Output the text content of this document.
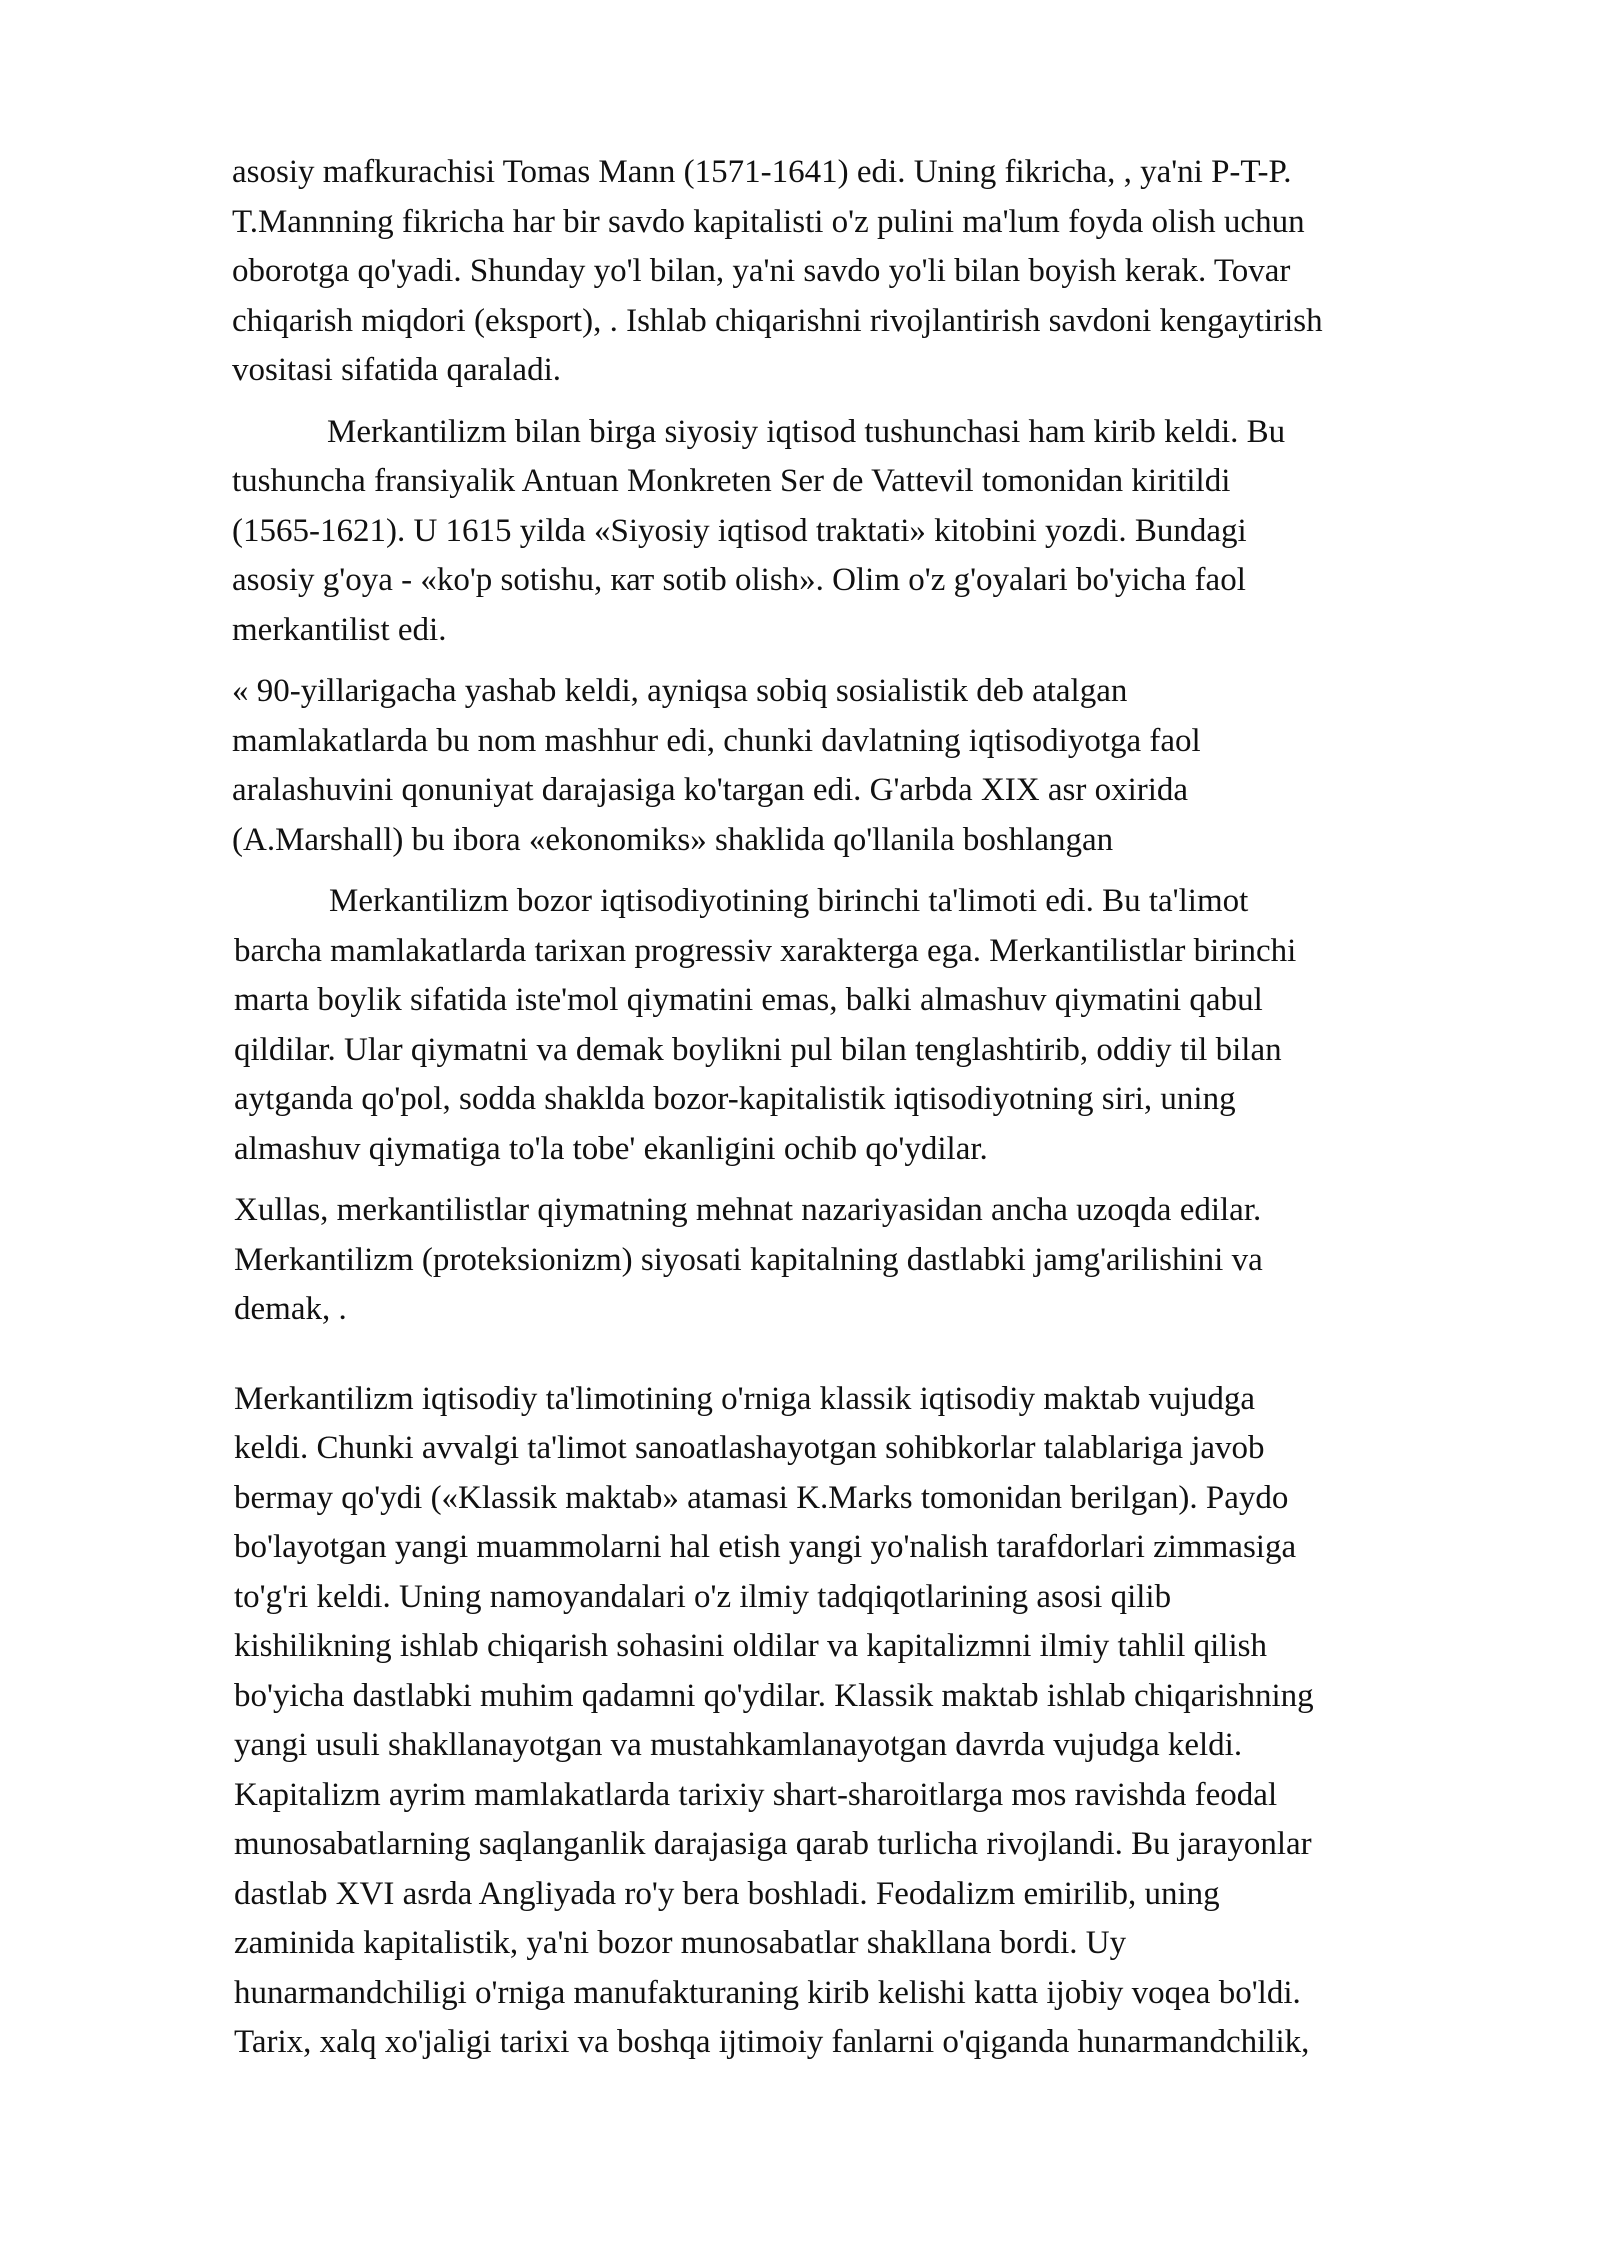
asosiy mafkurachisi Tomas Mann (1571-1641) edi. Uning fikricha, , ya'ni P-T-P.
T.Mannning fikricha har bir savdo kapitalisti o'z pulini ma'lum foyda olish uchun
oborotga qo'yadi. Shunday yo'l bilan, ya'ni savdo yo'li bilan boyish kerak. Tovar
chiqarish miqdori (eksport), . Ishlab chiqarishni rivojlantirish savdoni kengaytirish
vositasi sifatida qaraladi.

Merkantilizm bilan birga siyosiy iqtisod tushunchasi ham kirib keldi. Bu
tushuncha fransiyalik Antuan Monkreten Ser de Vattevil tomonidan kiritildi
(1565-1621). U 1615 yilda «Siyosiy iqtisod traktati» kitobini yozdi. Bundagi
asosiy g'oya - «ko'p sotishu, кат sotib olish». Olim o'z g'oyalari bo'yicha faol
merkantilist edi.

« 90-yillarigacha yashab keldi, ayniqsa sobiq sosialistik deb atalgan
mamlakatlarda bu nom mashhur edi, chunki davlatning iqtisodiyotga faol
aralashuvini qonuniyat darajasiga ko'targan edi. G'arbda XIX asr oxirida
(A.Marshall) bu ibora «ekonomiks» shaklida qo'llanila boshlangan

Merkantilizm bozor iqtisodiyotining birinchi ta'limoti edi. Bu ta'limot
barcha mamlakatlarda tarixan progressiv xarakterga ega. Merkantilistlar birinchi
marta boylik sifatida iste'mol qiymatini emas, balki almashuv qiymatini qabul
qildilar. Ular qiymatni va demak boylikni pul bilan tenglashtirib, oddiy til bilan
aytganda qo'pol, sodda shaklda bozor-kapitalistik iqtisodiyotning siri, uning
almashuv qiymatiga to'la tobe' ekanligini ochib qo'ydilar.

Xullas, merkantilistlar qiymatning mehnat nazariyasidan ancha uzoqda edilar.
Merkantilizm (proteksionizm) siyosati kapitalning dastlabki jamg'arilishini va
demak, .

Merkantilizm iqtisodiy ta'limotining o'rniga klassik iqtisodiy maktab vujudga
keldi. Chunki avvalgi ta'limot sanoatlashayotgan sohibkorlar talablariga javob
bermay qo'ydi («Klassik maktab» atamasi K.Marks tomonidan berilgan). Paydo
bo'layotgan yangi muammolarni hal etish yangi yo'nalish tarafdorlari zimmasiga
to'g'ri keldi. Uning namoyandalari o'z ilmiy tadqiqotlarining asosi qilib
kishilikning ishlab chiqarish sohasini oldilar va kapitalizmni ilmiy tahlil qilish
bo'yicha dastlabki muhim qadamni qo'ydilar. Klassik maktab ishlab chiqarishning
yangi usuli shakllanayotgan va mustahkamlanayotgan davrda vujudga keldi.
Kapitalizm ayrim mamlakatlarda tarixiy shart-sharoitlarga mos ravishda feodal
munosabatlarning saqlanganlik darajasiga qarab turlicha rivojlandi. Bu jarayonlar
dastlab XVI asrda Angliyada ro'y bera boshladi. Feodalizm emirilib, uning
zaminida kapitalistik, ya'ni bozor munosabatlar shakllana bordi. Uy
hunarmandchiligi o'rniga manufakturaning kirib kelishi katta ijobiy voqea bo'ldi.
Tarix, xalq xo'jaligi tarixi va boshqa ijtimoiy fanlarni o'qiganda hunarmandchilik,
